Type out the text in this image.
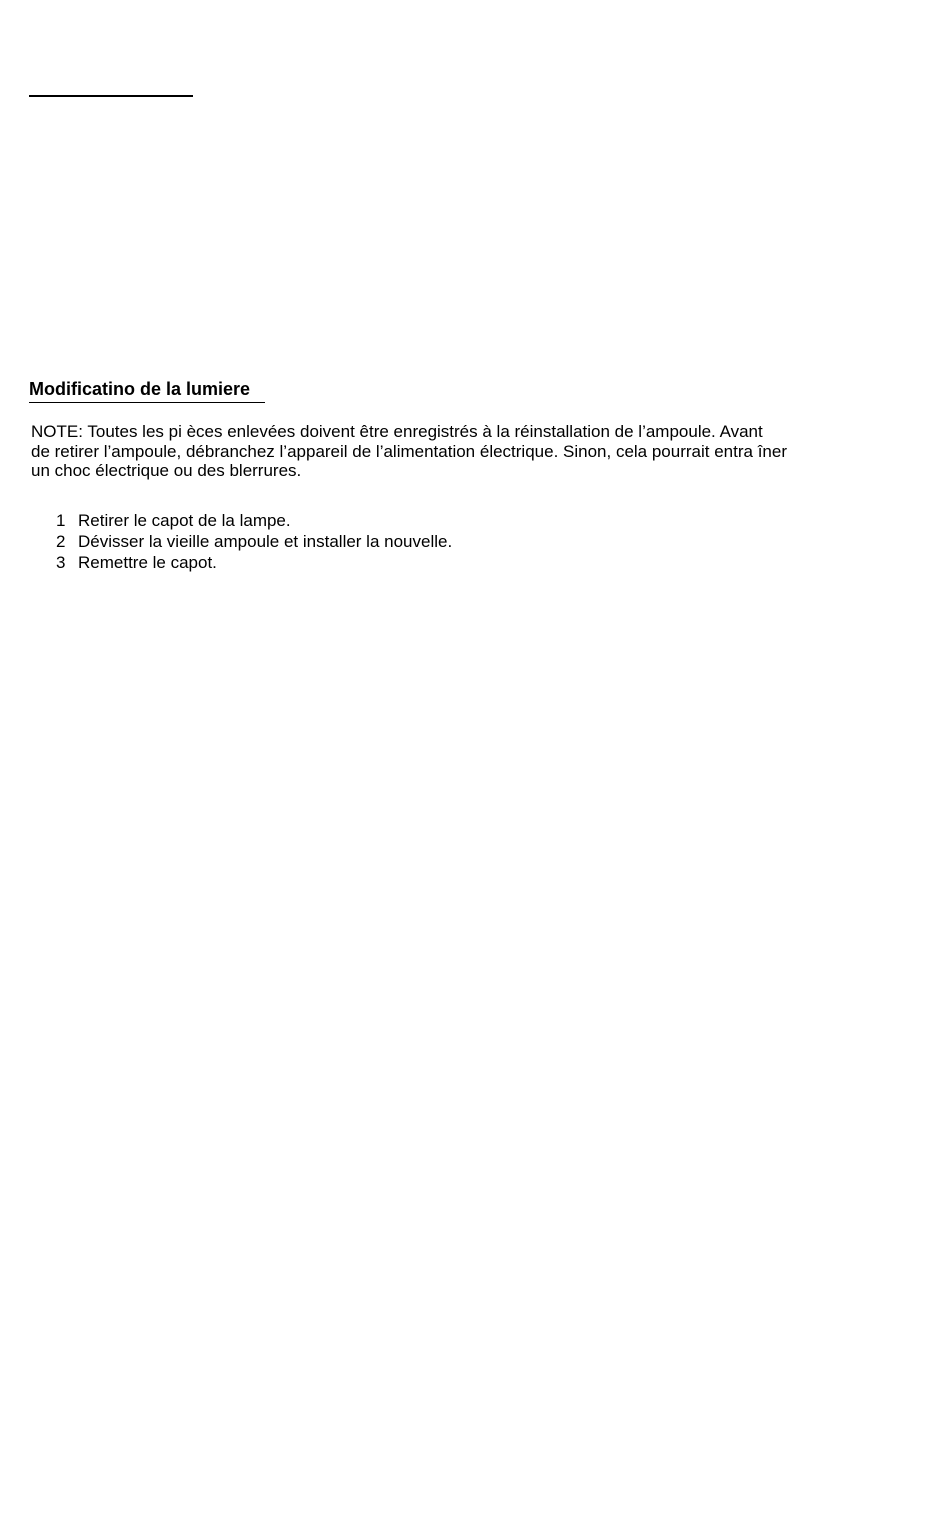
Modificatino de la lumiere

NOTE: Toutes les pi èces enlevées doivent être enregistrés à la réinstallation de l’ampoule. Avant
de retirer l’ampoule, débranchez l’appareil de l’alimentation électrique. Sinon, cela pourrait entra îner
un choc électrique ou des blerrures.

1 Retirer le capot de la lampe.
2 Dévisser la vieille ampoule et installer la nouvelle.
3 Remettre le capot.
